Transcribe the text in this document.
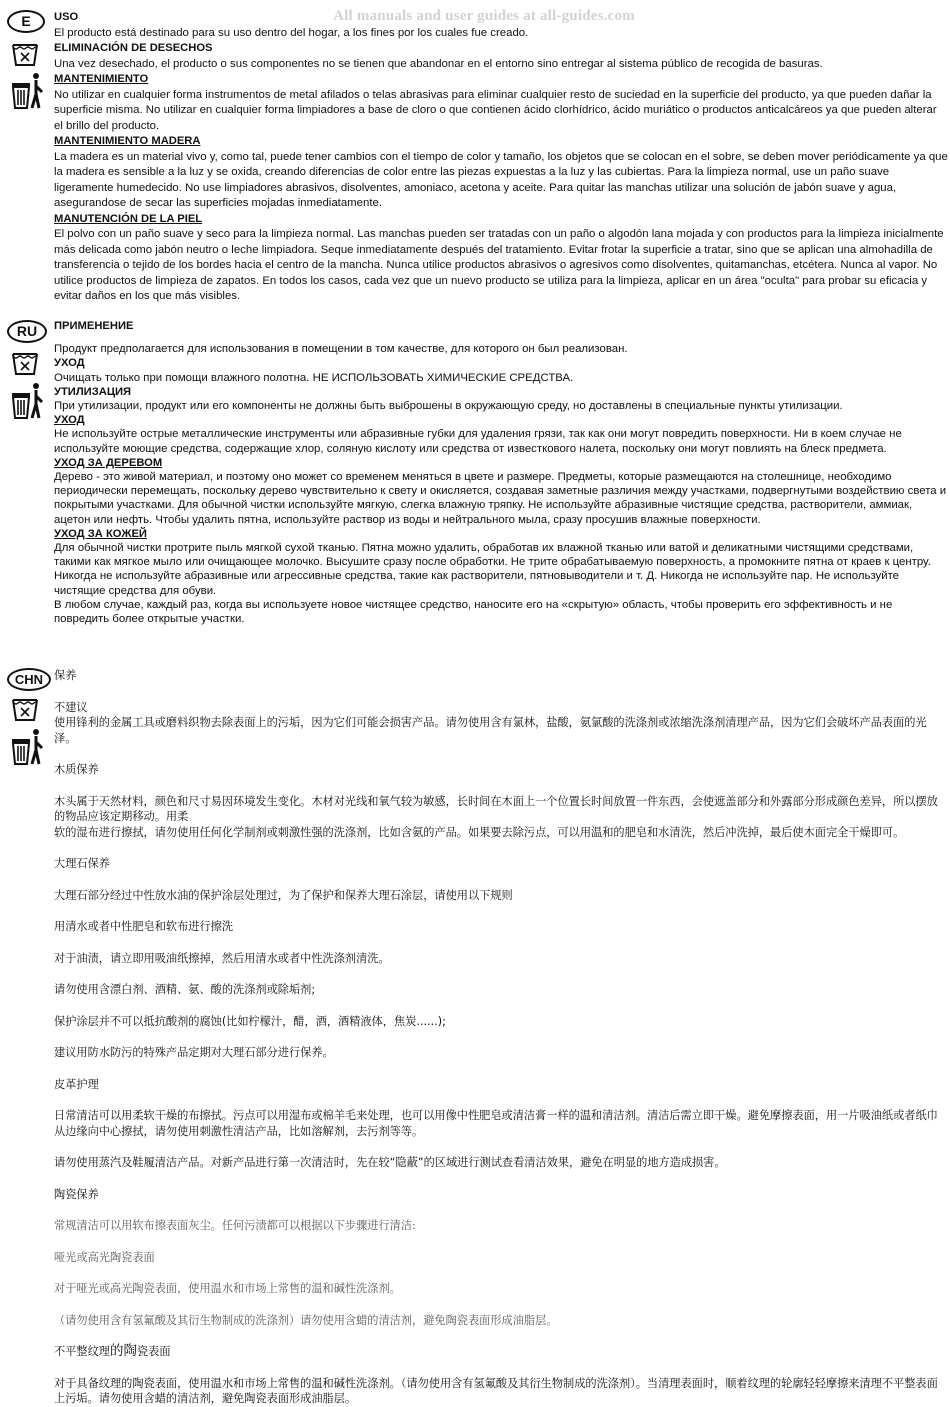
All manuals and user guides at all-guides.com
E	USO

El producto está destinado para su uso dentro del hogar, a los fines por los cuales fue creado.

ELIMINACIÓN DE DESECHOS

Una vez desechado, el producto o sus componentes no se tienen que abandonar en el entorno sino entregar al sistema público de recogida de basuras.

MANTENIMIENTO

No utilizar en cualquier forma instrumentos de metal afilados o telas abrasivas para eliminar cualquier resto de suciedad en la superficie del producto, ya que pueden dañar la superficie misma. No utilizar en cualquier forma limpiadores a base de cloro o que contienen ácido clorhídrico, ácido muriático o productos anticalcáreos ya que pueden alterar el brillo del producto.

MANTENIMIENTO MADERA

La madera es un material vivo y, como tal, puede tener cambios con el tiempo de color y tamaño, los objetos que se colocan en el sobre, se deben mover periódicamente ya que la madera es sensible a la luz y se oxida, creando diferencias de color entre las piezas expuestas a la luz y las cubiertas. Para la limpieza normal, use un paño suave ligeramente humedecido. No use limpiadores abrasivos, disolventes, amoniaco, acetona y aceite. Para quitar las manchas utilizar una solución de jabón suave y agua, asegurandose de secar las superficies mojadas inmediatamente.

MANUTENCIÓN DE LA PIEL

El polvo con un paño suave y seco para la limpieza normal. Las manchas pueden ser tratadas con un paño o algodón lana mojada y con productos para la limpieza inicialmente más delicada como jabón neutro o leche limpiadora. Seque inmediatamente después del tratamiento. Evitar frotar la superficie a tratar, sino que se aplican una almohadilla de transferencia o tejido de los bordes hacia el centro de la mancha. Nunca utilice productos abrasivos o agresivos como disolventes, quitamanchas, etcétera. Nunca al vapor. No utilice productos de limpieza de zapatos. En todos los casos, cada vez que un nuevo producto se utiliza para la limpieza, aplicar en un área "oculta" para probar su eficacia y evitar daños en los que más visibles.

RU	ПРИМЕНЕНИЕ

Продукт предполагается для использования в помещении в том качестве, для которого он был реализован.

УХОД

Очищать только при помощи влажного полотна. НЕ ИСПОЛЬЗОВАТЬ ХИМИЧЕСКИЕ СРЕДСТВА.

УТИЛИЗАЦИЯ

При утилизации, продукт или его компоненты не должны быть выброшены в окружающую среду, но доставлены в специальные пункты утилизации.

УХОД

Не используйте острые металлические инструменты или абразивные губки для удаления грязи, так как они могут повредить поверхности. Ни в коем случае не используйте моющие средства, содержащие хлор, соляную кислоту или средства от известкового налета, поскольку они могут повлиять на блеск предмета.

УХОД ЗА ДЕРЕВОМ

Дерево - это живой материал, и поэтому оно может со временем меняться в цвете и размере. Предметы, которые размещаются на столешнице, необходимо периодически перемещать, поскольку дерево чувствительно к свету и окисляется, создавая заметные различия между участками, подвергнутыми воздействию света и покрытыми участками. Для обычной чистки используйте мягкую, слегка влажную тряпку. Не используйте абразивные чистящие средства, растворители, аммиак, ацетон или нефть. Чтобы удалить пятна, используйте раствор из воды и нейтрального мыла, сразу просушив влажные поверхности.

УХОД ЗА КОЖЕЙ

Для обычной чистки протрите пыль мягкой сухой тканью. Пятна можно удалить, обработав их влажной тканью или ватой и деликатными чистящими средствами, такими как мягкое мыло или очищающее молочко. Высушите сразу после обработки. Не трите обрабатываемую поверхность, а промокните пятна от краев к центру. Никогда не используйте абразивные или агрессивные средства, такие как растворители, пятновыводители и т. Д. Никогда не используйте пар. Не используйте чистящие средства для обуви.

В любом случае, каждый раз, когда вы используете новое чистящее средство, наносите его на «скрытую» область, чтобы проверить его эффективность и не повредить более открытые участки.

CHN 保养
不建议

使用锋利的金属工具或磨料织物去除表面上的污垢，因为它们可能会损害产品。请勿使用含有氯林，盐酸，氨氯酸的洗涤剂或浓缩洗涤剂清理产品，因为它们会破坏产品表面的光泽。

木质保养

木头属于天然材料，颜色和尺寸易因环境发生变化。木材对光线和氧气较为敏感，长时间在木面上一个位置长时间放置一件东西，会使遮盖部分和外露部分形成颜色差异，所以摆放的物品应该定期移动。用柔

软的湿布进行擦拭，请勿使用任何化学制剂或刺激性强的洗涤剂，比如含氨的产品。如果要去除污点，可以用温和的肥皂和水清洗，然后冲洗掉，最后使木面完全干燥即可。

大理石保养

大理石部分经过中性放水油的保护涂层处理过，为了保护和保养大理石涂层，请使用以下规则

用清水或者中性肥皂和软布进行擦洗

对于油渍，请立即用吸油纸擦掉，然后用清水或者中性洗涤剂清洗。

请勿使用含漂白剂、酒精、氨、酸的洗涤剂或除垢剂;

保护涂层并不可以抵抗酸剂的腐蚀(比如柠檬汁，醋，酒，酒精液体，焦炭......);

建议用防水防污的特殊产品定期对大理石部分进行保养。

皮革护理

日常清洁可以用柔软干燥的布擦拭。污点可以用湿布或棉羊毛来处理，也可以用像中性肥皂或清洁膏一样的温和清洁剂。清洁后需立即干燥。避免摩擦表面，用一片吸油纸或者纸巾从边缘向中心擦拭，请勿使用刺激性清洁产品，比如溶解剂，去污剂等等。

请勿使用蒸汽及鞋履清洁产品。对新产品进行第一次清洁时，先在较“隐蔽”的区域进行测试查看清洁效果，避免在明显的地方造成损害。

陶瓷保养

常规清洁可以用软布擦表面灰尘。任何污渍都可以根据以下步骤进行清洁:

哑光或高光陶瓷表面

对于哑光或高光陶瓷表面，使用温水和市场上常售的温和碱性洗涤剂。

（请勿使用含有氢氟酸及其衍生物制成的洗涤剂）请勿使用含蜡的清洁剂，避免陶瓷表面形成油脂层。

不平整纹理的陶瓷表面

对于具备纹理的陶瓷表面，使用温水和市场上常售的温和碱性洗涤剂。（请勿使用含有氢氟酸及其衍生物制成的洗涤剂）。当清理表面时，顺着纹理的轮廓轻轻摩擦来清理不平整表面上污垢。请勿使用含蜡的清洁剂，避免陶瓷表面形成油脂层。
